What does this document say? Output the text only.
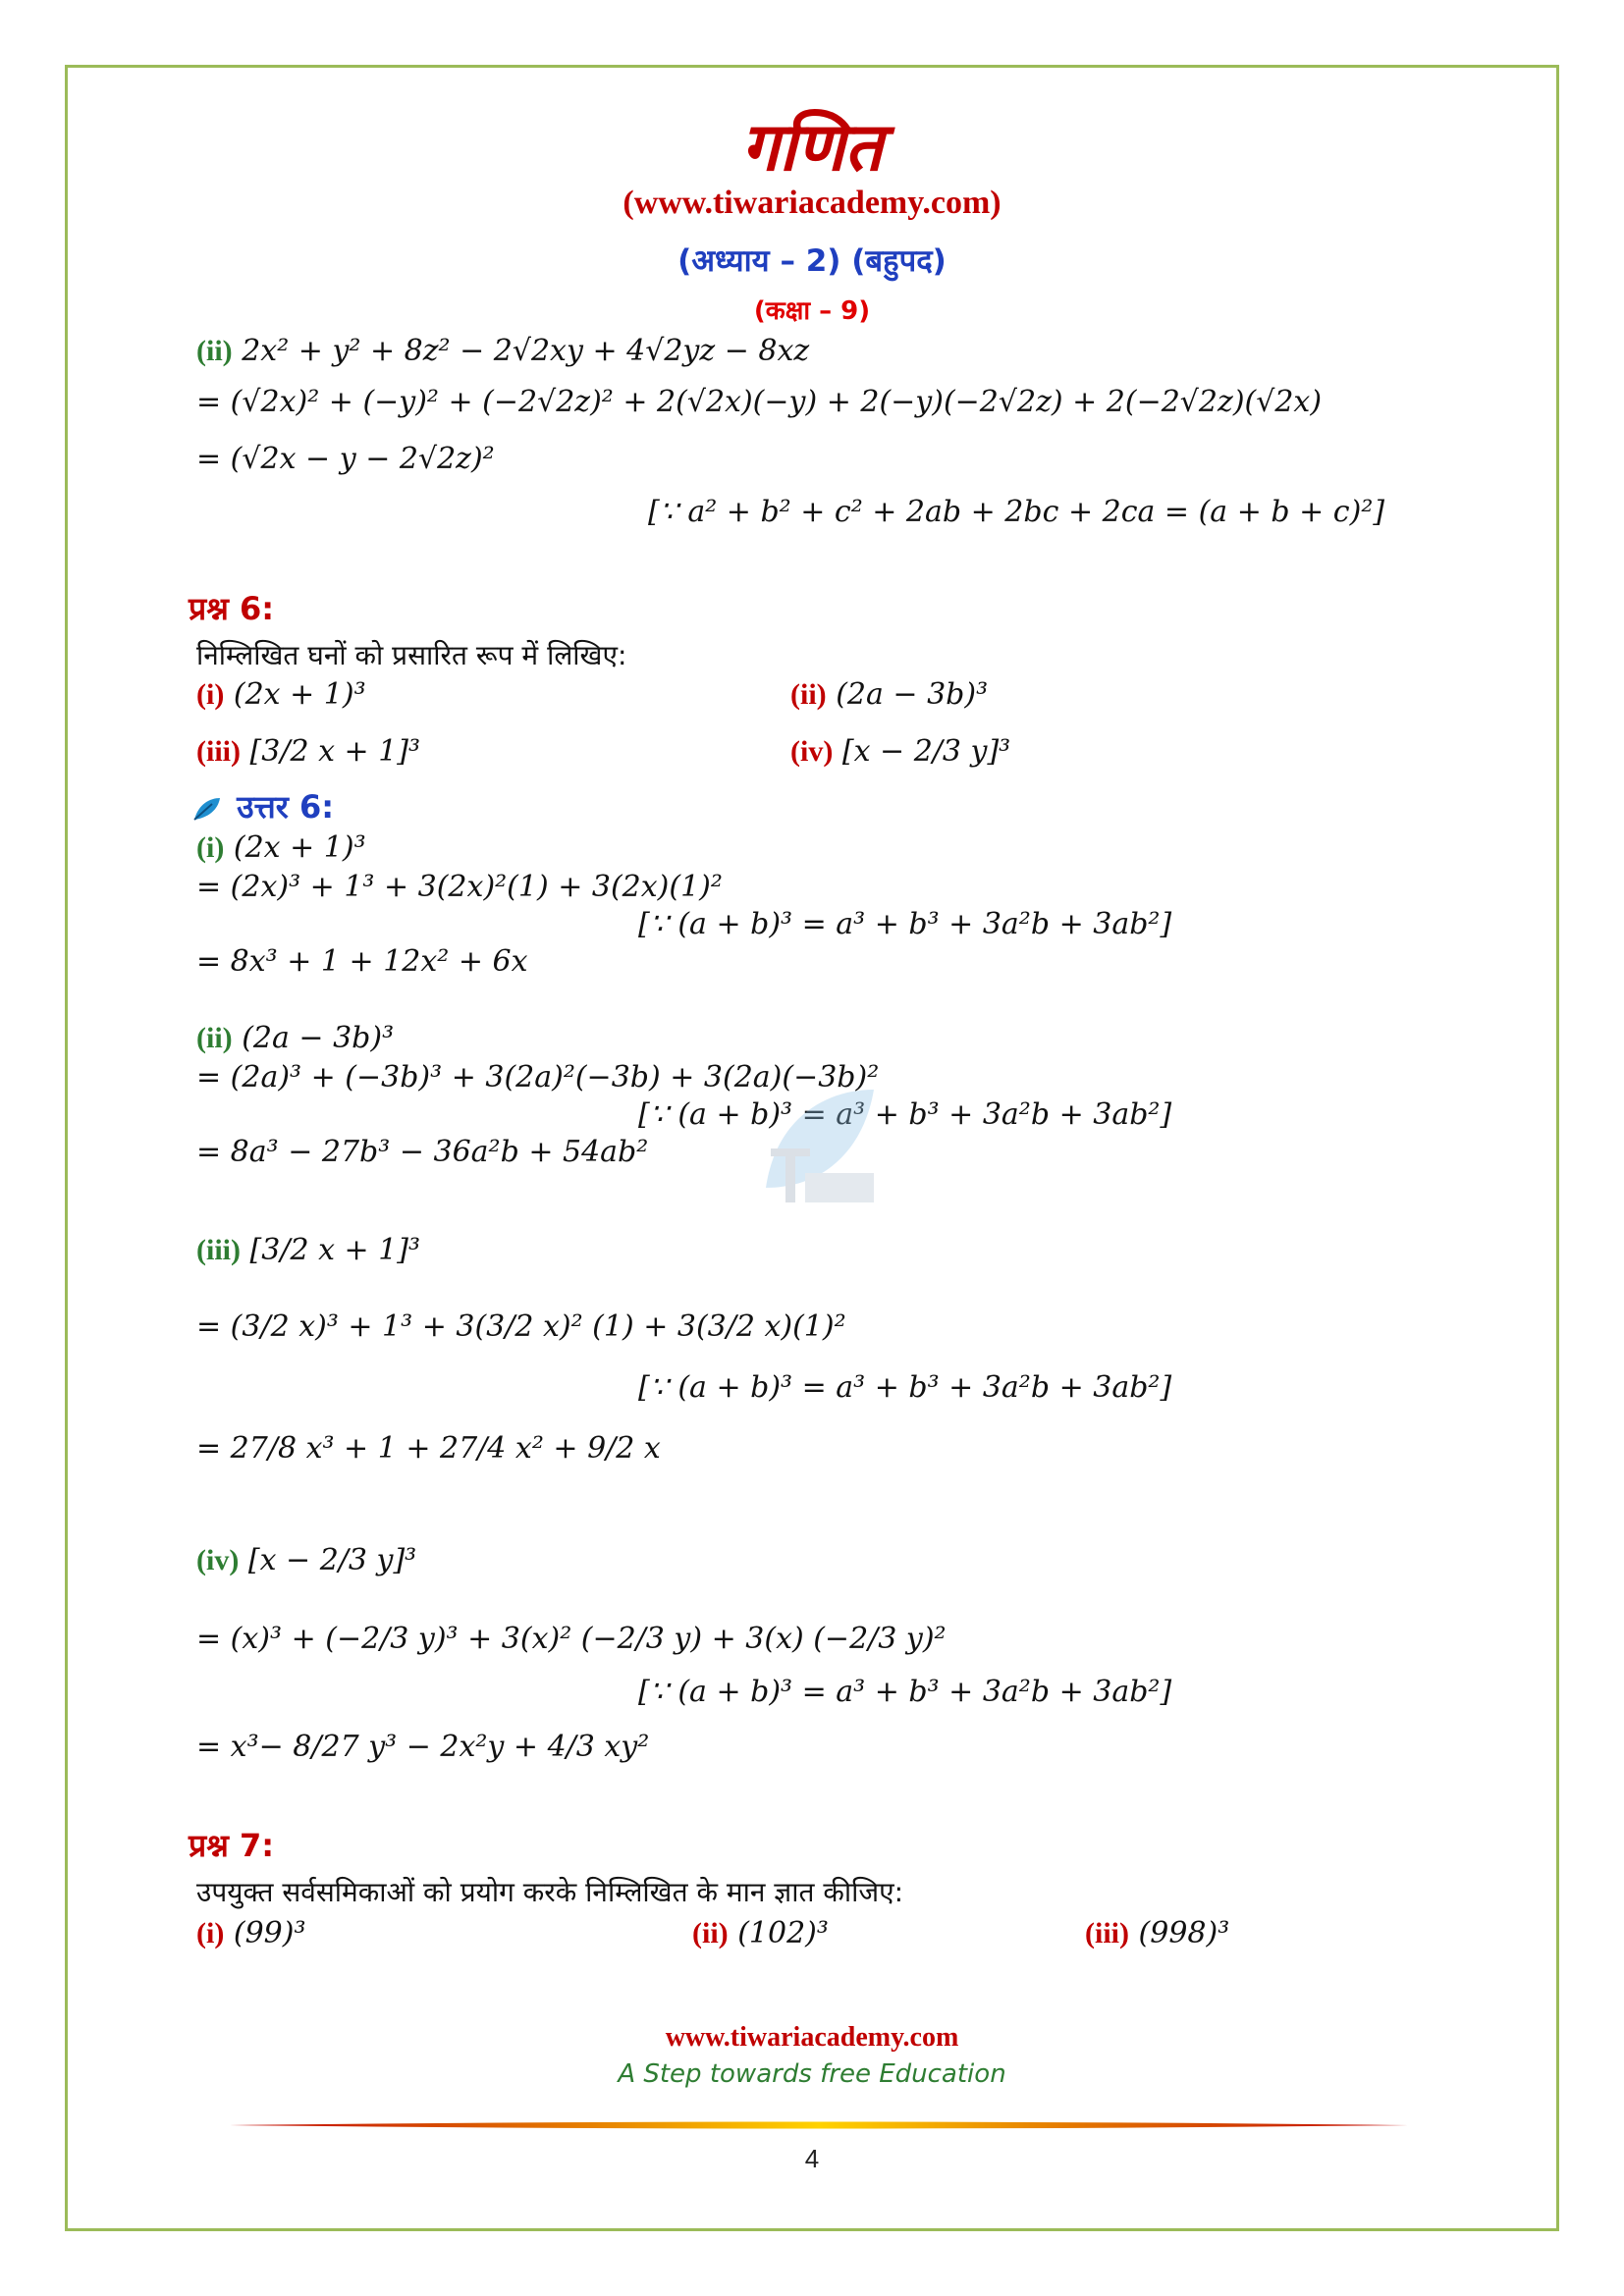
गणित
(www.tiwariacademy.com)
(अध्याय – 2) (बहुपद)
(कक्षा – 9)
(ii) 2x² + y² + 8z² − 2√2xy + 4√2yz − 8xz
= (√2x)² + (−y)² + (−2√2z)² + 2(√2x)(−y) + 2(−y)(−2√2z) + 2(−2√2z)(√2x)
= (√2x − y − 2√2z)²
[∵ a² + b² + c² + 2ab + 2bc + 2ca = (a + b + c)²]
प्रश्न 6:
निम्लिखित घनों को प्रसारित रूप में लिखिए:
(i) (2x + 1)³	(ii) (2a − 3b)³
(iii) [3/2 x + 1]³	(iv) [x − 2/3 y]³
उत्तर 6:
(i) (2x + 1)³
= (2x)³ + 1³ + 3(2x)²(1) + 3(2x)(1)²
[∵ (a + b)³ = a³ + b³ + 3a²b + 3ab²]
= 8x³ + 1 + 12x² + 6x
(ii) (2a − 3b)³
= (2a)³ + (−3b)³ + 3(2a)²(−3b) + 3(2a)(−3b)²
[∵ (a + b)³ = a³ + b³ + 3a²b + 3ab²]
= 8a³ − 27b³ − 36a²b + 54ab²
(iii) [3/2 x + 1]³
= (3/2 x)³ + 1³ + 3(3/2 x)² (1) + 3(3/2 x)(1)²
[∵ (a + b)³ = a³ + b³ + 3a²b + 3ab²]
= 27/8 x³ + 1 + 27/4 x² + 9/2 x
(iv) [x − 2/3 y]³
= (x)³ + (−2/3 y)³ + 3(x)² (−2/3 y) + 3(x) (−2/3 y)²
[∵ (a + b)³ = a³ + b³ + 3a²b + 3ab²]
= x³− 8/27 y³ − 2x²y + 4/3 xy²
प्रश्न 7:
उपयुक्त सर्वसमिकाओं को प्रयोग करके निम्लिखित के मान ज्ञात कीजिए:
(i) (99)³	(ii) (102)³	(iii) (998)³
www.tiwariacademy.com
A Step towards free Education
4
